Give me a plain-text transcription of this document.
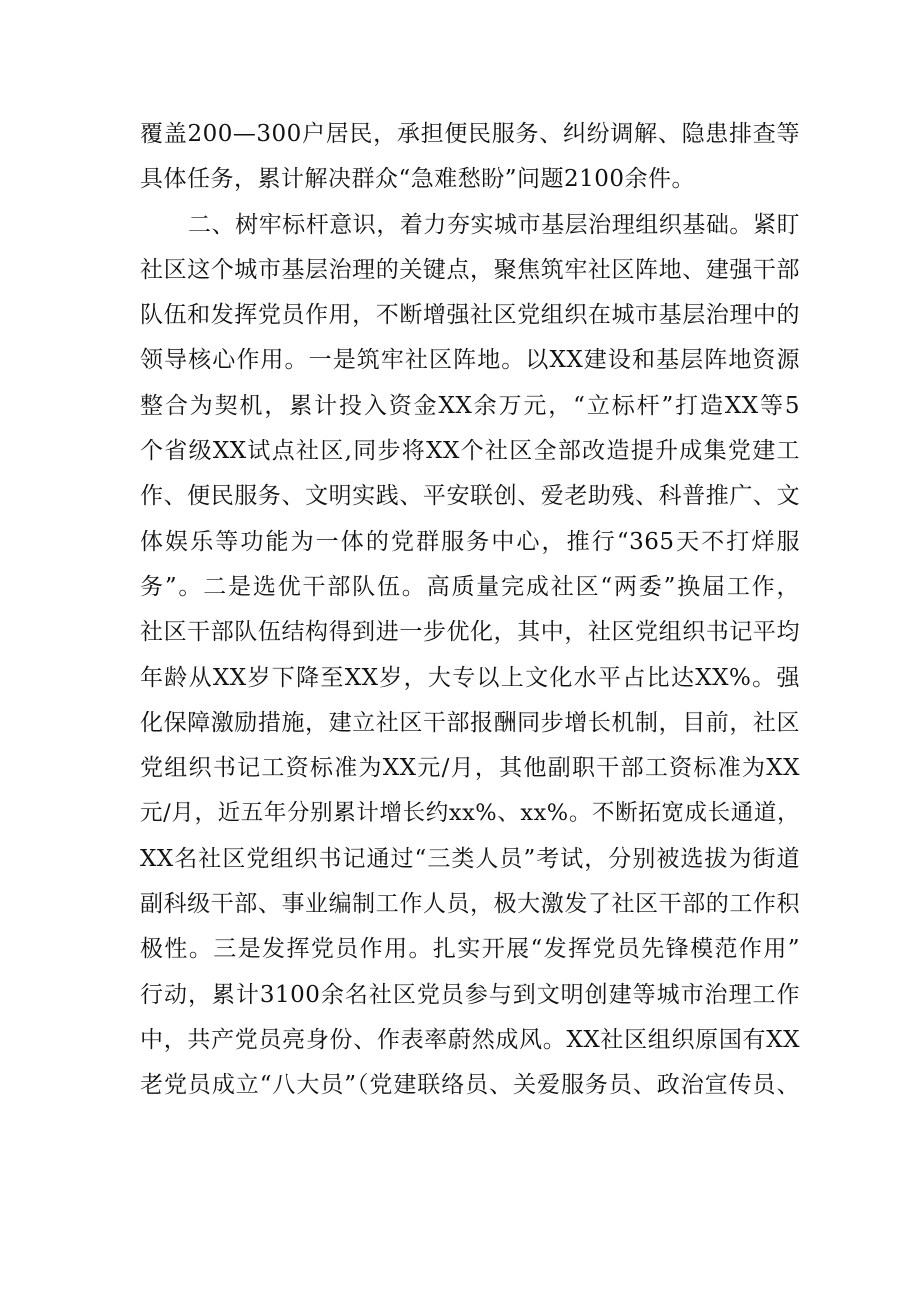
覆盖200—300户居民，承担便民服务、纠纷调解、隐患排查等
具体任务，累计解决群众“急难愁盼”问题2100余件。
二、树牢标杆意识，着力夯实城市基层治理组织基础。紧盯
社区这个城市基层治理的关键点，聚焦筑牢社区阵地、建强干部
队伍和发挥党员作用，不断增强社区党组织在城市基层治理中的
领导核心作用。一是筑牢社区阵地。以XX建设和基层阵地资源
整合为契机，累计投入资金XX余万元，“立标杆”打造XX等5
个省级XX试点社区,同步将XX个社区全部改造提升成集党建工
作、便民服务、文明实践、平安联创、爱老助残、科普推广、文
体娱乐等功能为一体的党群服务中心，推行“365天不打烊服
务”。二是选优干部队伍。高质量完成社区“两委”换届工作，
社区干部队伍结构得到进一步优化，其中，社区党组织书记平均
年龄从XX岁下降至XX岁，大专以上文化水平占比达XX%。强
化保障激励措施，建立社区干部报酬同步增长机制，目前，社区
党组织书记工资标准为XX元/月，其他副职干部工资标准为XX
元/月，近五年分别累计增长约xx%、xx%。不断拓宽成长通道，
XX名社区党组织书记通过“三类人员”考试，分别被选拔为街道
副科级干部、事业编制工作人员，极大激发了社区干部的工作积
极性。三是发挥党员作用。扎实开展“发挥党员先锋模范作用”
行动，累计3100余名社区党员参与到文明创建等城市治理工作
中，共产党员亮身份、作表率蔚然成风。XX社区组织原国有XX
老党员成立“八大员”（党建联络员、关爱服务员、政治宣传员、
